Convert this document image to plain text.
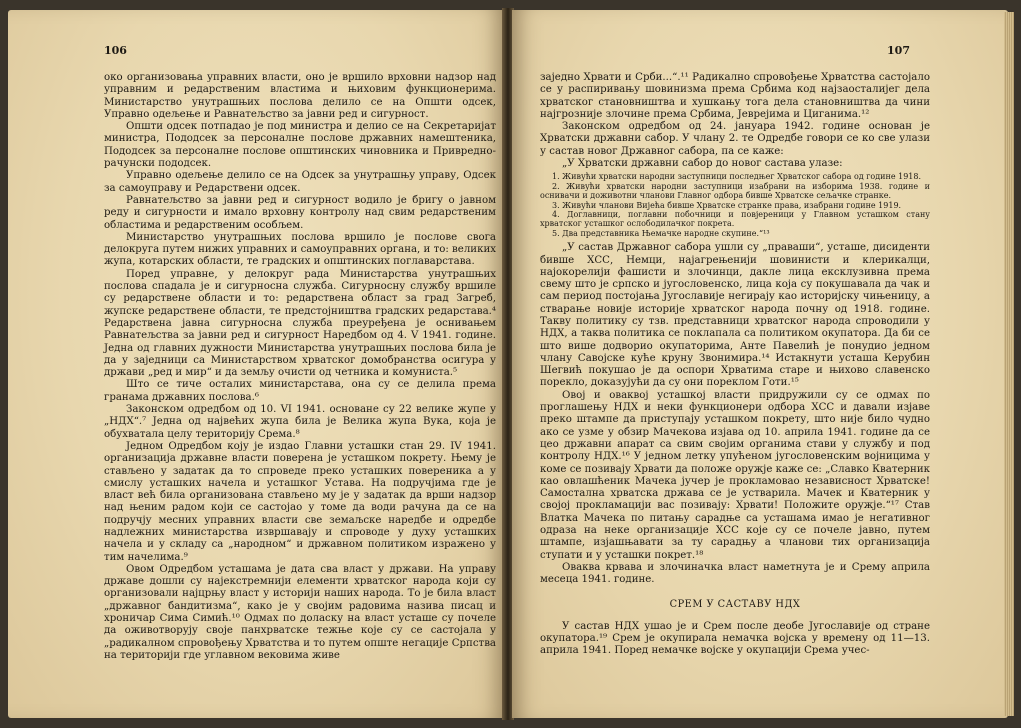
106

око организовања управних власти, оно је вршило врховни надзор над управним и редарственим властима и њиховим функционерима. Министарство унутрашњих послова делило се на Општи одсек, Управно одељење и Равнатељство за јавни ред и сигурност.

Општи одсек потпадао је под министра и делио се на Секретаријат министра, Пододсек за персоналне послове државних намештеника, Пододсек за персоналне послове општинских чиновника и Привредно-рачунски пододсек.

Управно одељење делило се на Одсек за унутрашњу управу, Одсек за самоуправу и Редарствени одсек.

Равнатељство за јавни ред и сигурност водило је бригу о јавном реду и сигурности и имало врховну контролу над свим редарственим областима и редарственим особљем.

Министарство унутрашњих послова вршило је послове свога делокруга путем нижих управних и самоуправних органа, и то: великих жупа, котарских области, те градских и општинских поглаварстава.

Поред управне, у делокруг рада Министарства унутрашњих послова спадала је и сигурносна служба. Сигурносну службу вршиле су редарствене области и то: редарствена област за град Загреб, жупске редарствене области, те предстојништва градских редарстава.⁴ Редарствена јавна сигурносна служба преуређена је оснивањем Равнатељства за јавни ред и сигурност Наредбом од 4. V 1941. године. Једна од главних дужности Министарства унутрашњих послова била је да у заједници са Министарством хрватског домобранства осигура у држави „ред и мир“ и да земљу очисти од четника и комуниста.⁵

Што се тиче осталих министарстава, она су се делила према гранама државних послова.⁶

Законском одредбом од 10. VI 1941. основане су 22 велике жупе у „НДХ“.⁷ Једна од највећих жупа била је Велика жупа Вука, која је обухватала целу територију Срема.⁸

Једном Одредбом коју је издао Главни усташки стан 29. IV 1941. организација државне власти поверена је усташком покрету. Њему је стављено у задатак да то спроведе преко усташких повереника а у смислу усташких начела и усташког Устава. На подручјима где је власт већ била организована стављено му је у задатак да врши надзор над њеним радом који се састојао у томе да води рачуна да се на подручју месних управних власти све земаљске наредбе и одредбе надлежних министарства извршавају и спроводе у духу усташких начела и у складу са „народном“ и државном политиком изражено у тим начелима.⁹

Овом Одредбом усташама је дата сва власт у држави. На управу државе дошли су најекстремнији елементи хрватског народа који су организовали најцрњу власт у историји наших народа. То је била власт „државног бандитизма“, како је у својим радовима назива писац и хроничар Сима Симић.¹⁰ Одмах по доласку на власт усташе су почеле да оживотворују своје панхрватске тежње које су се састојала у „радикалном спровођењу Хрватства и то путем опште негације Српства на територији где углавном вековима живе

107

заједно Хрвати и Срби...“.¹¹ Радикално спровођење Хрватства састојало се у распиривању шовинизма према Србима код најзаосталијег дела хрватског становништва и хушкању тога дела становништва да чини најгрозније злочине према Србима, Јеврејима и Циганима.¹²

Законском одредбом од 24. јануара 1942. године основан је Хрватски државни сабор. У члану 2. те Одредбе говори се ко све улази у састав новог Државног сабора, па се каже:

„У Хрватски државни сабор до новог састава улазе:

1. Живући хрватски народни заступници последњег Хрватског сабора од године 1918.

2. Живући хрватски народни заступници изабрани на изборима 1938. године и оснивачи и доживотни чланови Главног одбора бивше Хрватске сељачке странке.

3. Живући чланови Вијећа бивше Хрватске странке права, изабрани године 1919.

4. Доглавници, поглавни побочници и повјереници у Главном усташком стану хрватског усташког ослободилачког покрета.

5. Два представника Њемачке народне скупине.“¹³

„У састав Државног сабора ушли су „праваши“, усташе, дисиденти бивше ХСС, Немци, најагрењенији шовинисти и клерикалци, најокорелији фашисти и злочинци, дакле лица ексклузивна према свему што је српско и југословенско, лица која су покушавала да чак и сам период постојања Југославије негирају као историјску чињеницу, а стварање новије историје хрватског народа почну од 1918. године. Такву политику су тзв. представници хрватског народа спроводили у НДХ, а таква политика се поклапала са политиком окупатора. Да би се што више додворио окупаторима, Анте Павелић је понудио једном члану Савојске куће круну Звонимира.¹⁴ Истакнути усташа Керубин Шегвић покушао је да оспори Хрватима старе и њихово славенско порекло, доказујући да су они пореклом Готи.¹⁵

Овој и оваквој усташкој власти придружили су се одмах по проглашењу НДХ и неки функционери одбора ХСС и давали изјаве преко штампе да приступају усташком покрету, што није било чудно ако се узме у обзир Мачекова изјава од 10. априла 1941. године да се цео државни апарат са свим својим органима стави у службу и под контролу НДХ.¹⁶ У једном летку упућеном југословенским војницима у коме се позивају Хрвати да положе оружје каже се: „Славко Кватерник као овлашћеник Мачека јучер је прокламовао независност Хрватске! Самостална хрватска држава се је устварила. Мачек и Кватерник у својој прокламацији вас позивају: Хрвати! Положите оружје.“¹⁷ Став Влатка Мачека по питању сарадње са усташама имао је негативног одраза на неке организације ХСС које су се почеле јавно, путем штампе, изјашњавати за ту сарадњу а чланови тих организација ступати и у усташки покрет.¹⁸

Оваква крвава и злочиначка власт наметнута је и Срему априла месеца 1941. године.

СРЕМ У САСТАВУ НДХ

У састав НДХ ушао је и Срем после деобе Југославије од стране окупатора.¹⁹ Срем је окупирала немачка војска у времену од 11—13. априла 1941. Поред немачке војске у окупацији Срема учес-
